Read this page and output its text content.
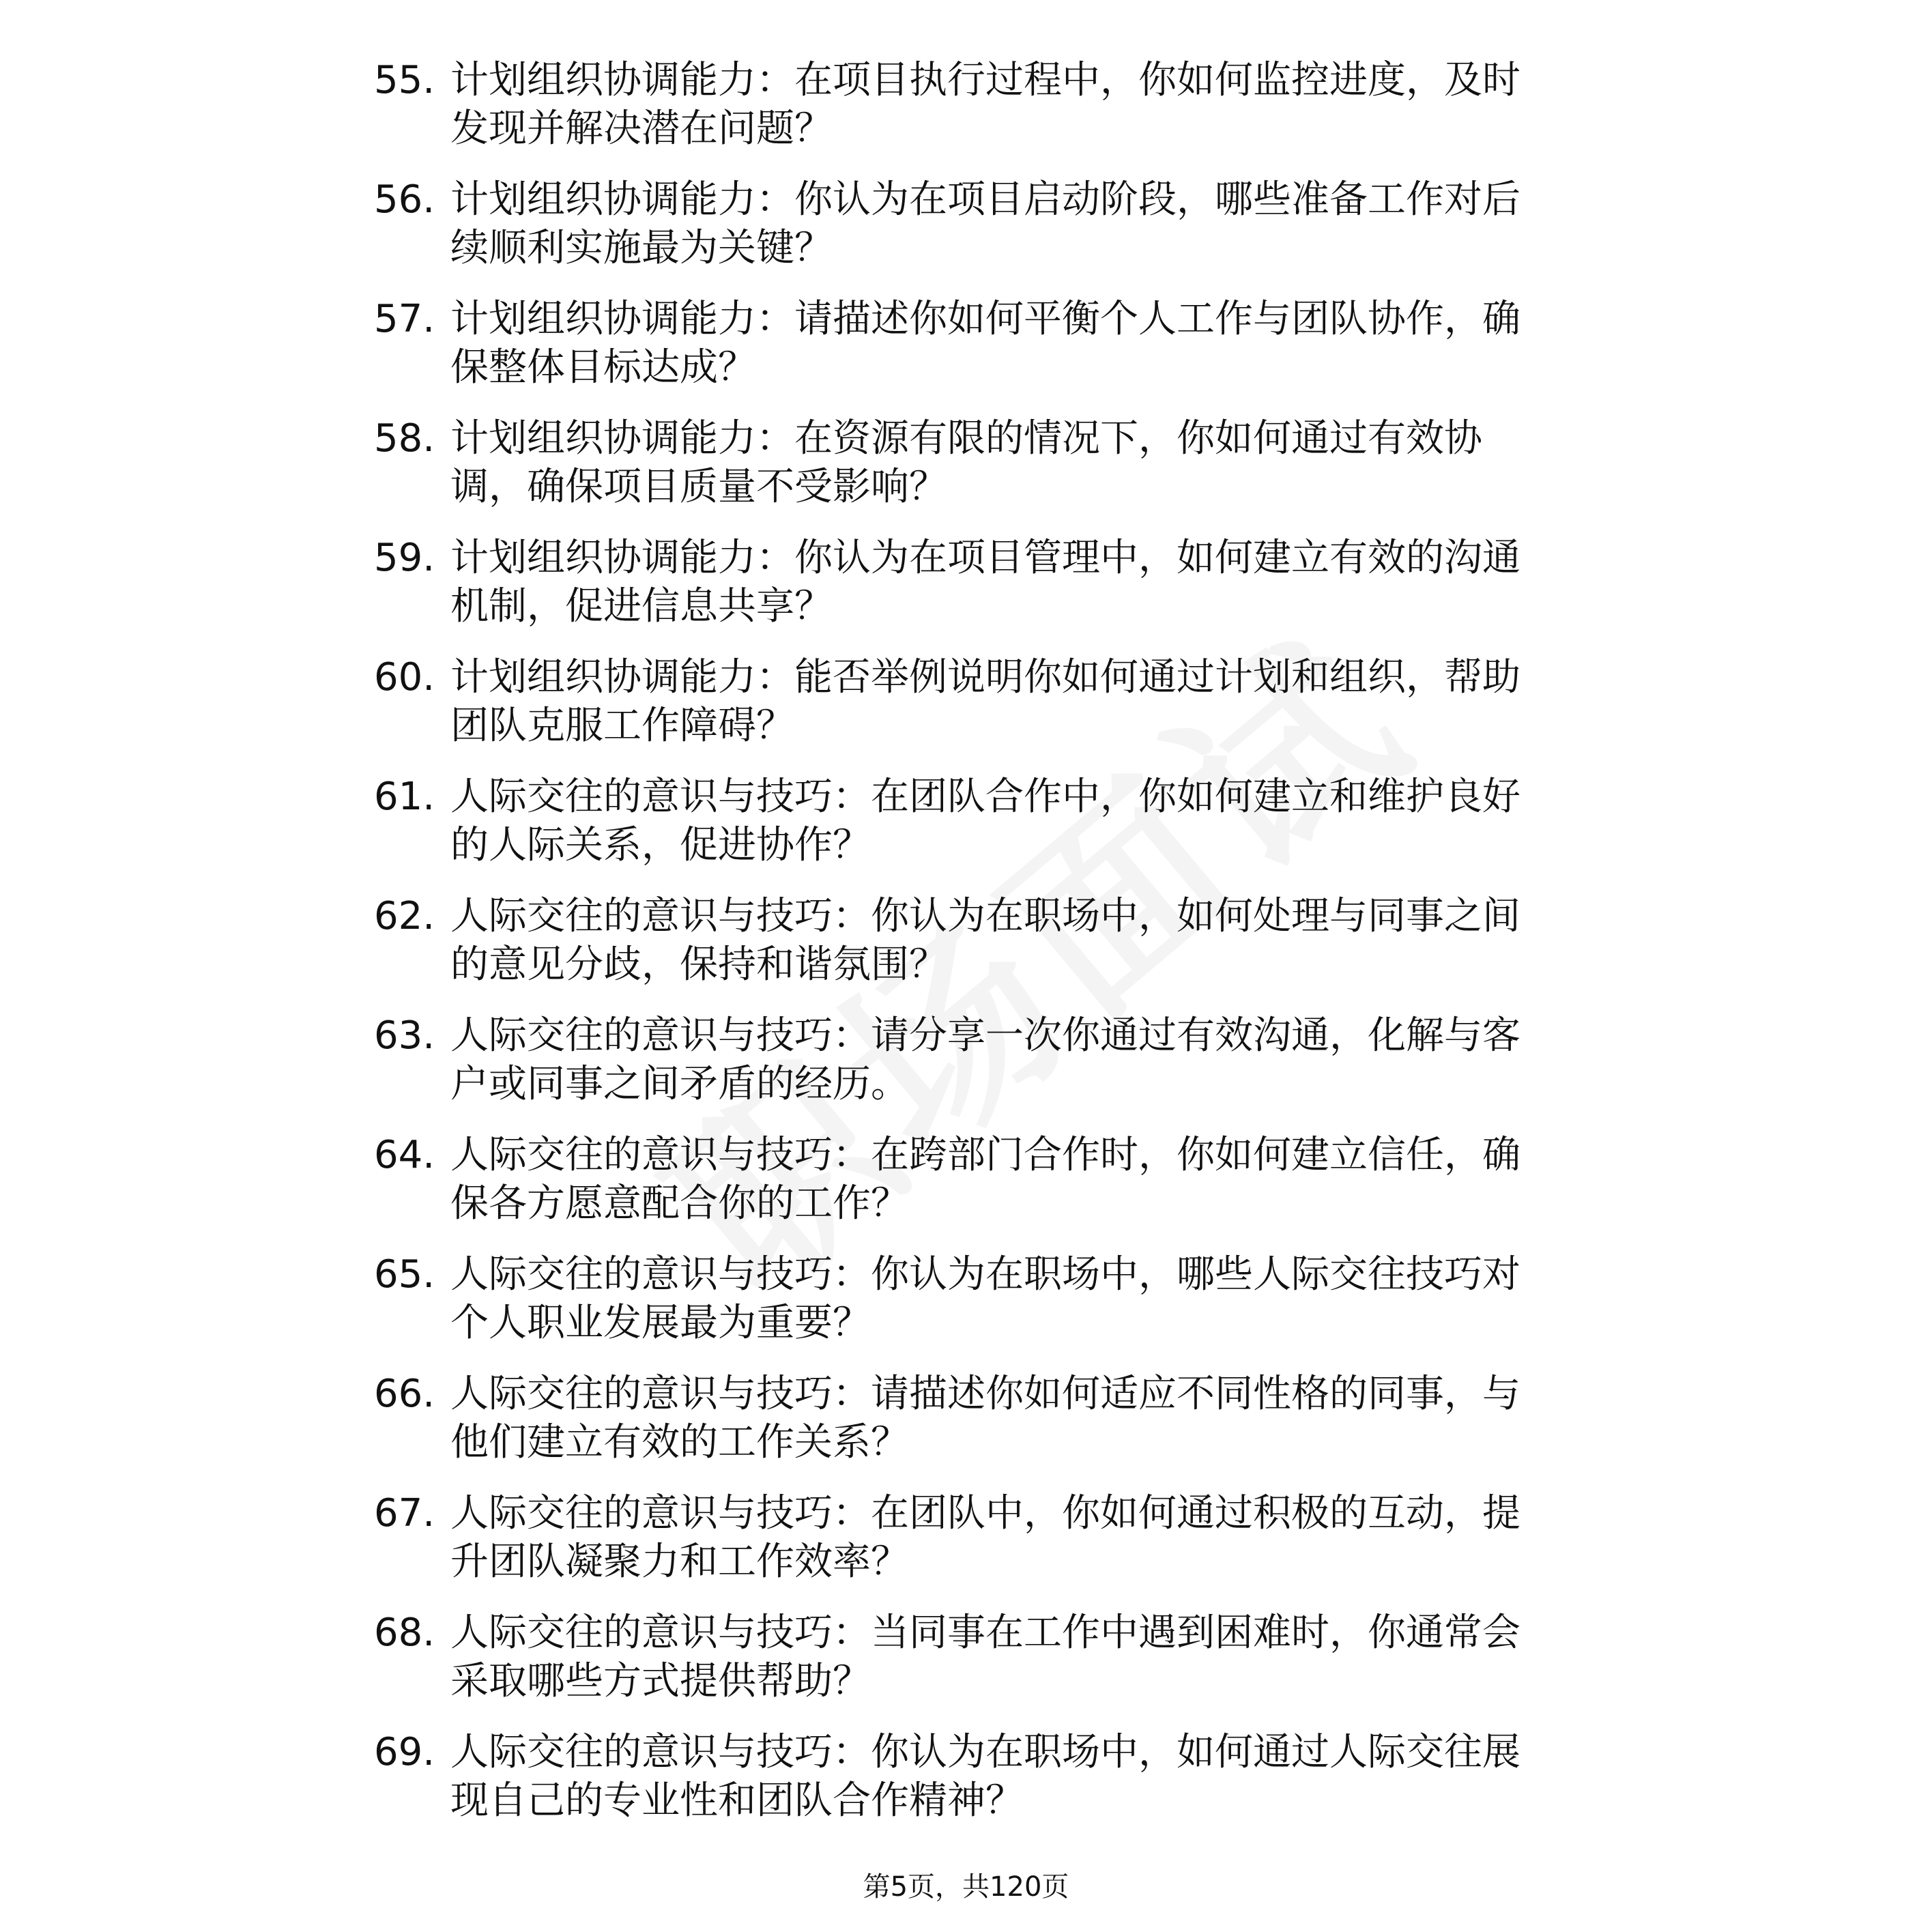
55. 计划组织协调能力：在项目执行过程中，你如何监控进度，及时发现并解决潜在问题？
56. 计划组织协调能力：你认为在项目启动阶段，哪些准备工作对后续顺利实施最为关键？
57. 计划组织协调能力：请描述你如何平衡个人工作与团队协作，确保整体目标达成？
58. 计划组织协调能力：在资源有限的情况下，你如何通过有效协调，确保项目质量不受影响？
59. 计划组织协调能力：你认为在项目管理中，如何建立有效的沟通机制，促进信息共享？
60. 计划组织协调能力：能否举例说明你如何通过计划和组织，帮助团队克服工作障碍？
61. 人际交往的意识与技巧：在团队合作中，你如何建立和维护良好的人际关系，促进协作？
62. 人际交往的意识与技巧：你认为在职场中，如何处理与同事之间的意见分歧，保持和谐氛围？
63. 人际交往的意识与技巧：请分享一次你通过有效沟通，化解与客户或同事之间矛盾的经历。
64. 人际交往的意识与技巧：在跨部门合作时，你如何建立信任，确保各方愿意配合你的工作？
65. 人际交往的意识与技巧：你认为在职场中，哪些人际交往技巧对个人职业发展最为重要？
66. 人际交往的意识与技巧：请描述你如何适应不同性格的同事，与他们建立有效的工作关系？
67. 人际交往的意识与技巧：在团队中，你如何通过积极的互动，提升团队凝聚力和工作效率？
68. 人际交往的意识与技巧：当同事在工作中遇到困难时，你通常会采取哪些方式提供帮助？
69. 人际交往的意识与技巧：你认为在职场中，如何通过人际交往展现自己的专业性和团队合作精神？
第5页，共120页
